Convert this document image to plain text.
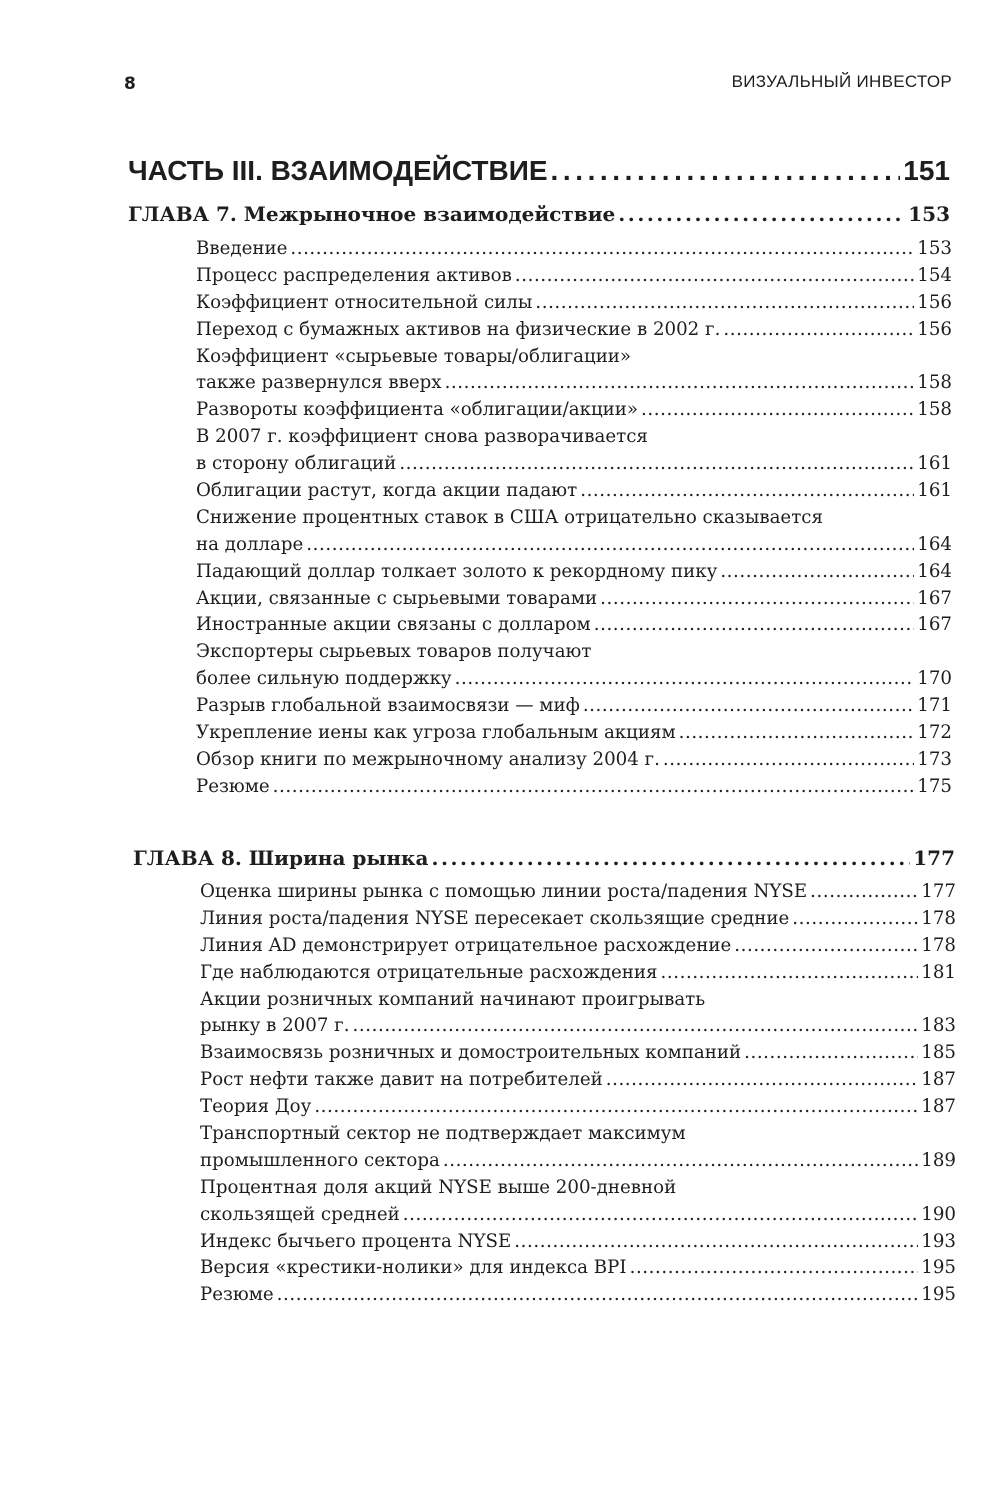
8	ВИЗУАЛЬНЫЙ ИНВЕСТОР
ЧАСТЬ III. ВЗАИМОДЕЙСТВИЕ . . .	151
ГЛАВА 7. Межрыночное взаимодействие . . .	153
Введение . . .	153
Процесс распределения активов . . .	154
Коэффициент относительной силы . . .	156
Переход с бумажных активов на физические в 2002 г. . . .	156
Коэффициент «сырьевые товары/облигации»
также развернулся вверх . . .	158
Развороты коэффициента «облигации/акции» . . .	158
В 2007 г. коэффициент снова разворачивается
в сторону облигаций . . .	161
Облигации растут, когда акции падают . . .	161
Снижение процентных ставок в США отрицательно сказывается
на долларе . . .	164
Падающий доллар толкает золото к рекордному пику . . .	164
Акции, связанные с сырьевыми товарами . . .	167
Иностранные акции связаны с долларом . . .	167
Экспортеры сырьевых товаров получают
более сильную поддержку . . .	170
Разрыв глобальной взаимосвязи — миф . . .	171
Укрепление иены как угроза глобальным акциям . . .	172
Обзор книги по межрыночному анализу 2004 г. . . .	173
Резюме . . .	175
ГЛАВА 8. Ширина рынка . . .	177
Оценка ширины рынка с помощью линии роста/падения NYSE . . .	177
Линия роста/падения NYSE пересекает скользящие средние . . .	178
Линия AD демонстрирует отрицательное расхождение . . .	178
Где наблюдаются отрицательные расхождения . . .	181
Акции розничных компаний начинают проигрывать
рынку в 2007 г. . . .	183
Взаимосвязь розничных и домостроительных компаний . . .	185
Рост нефти также давит на потребителей . . .	187
Теория Доу . . .	187
Транспортный сектор не подтверждает максимум
промышленного сектора . . .	189
Процентная доля акций NYSE выше 200-дневной
скользящей средней . . .	190
Индекс бычьего процента NYSE . . .	193
Версия «крестики-нолики» для индекса BPI . . .	195
Резюме . . .	195
